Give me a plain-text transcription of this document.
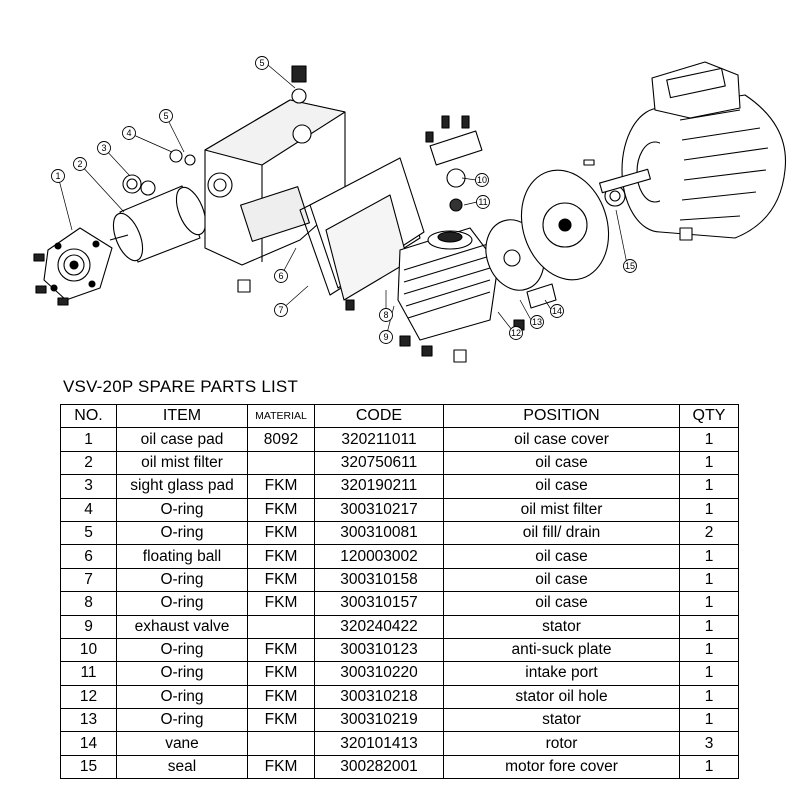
1
2
3
4
5
5
6
7	8
9
10
11
12
13
14
15
VSV-20P SPARE PARTS LIST
NO.	ITEM	MATERIAL	CODE	POSITION	QTY
1	oil case pad	8092	320211011	oil case cover	1
2	oil mist filter		320750611	oil case	1
3	sight glass pad	FKM	320190211	oil case	1
4	O-ring	FKM	300310217	oil mist filter	1
5	O-ring	FKM	300310081	oil fill/ drain	2
6	floating ball	FKM	120003002	oil case	1
7	O-ring	FKM	300310158	oil case	1
8	O-ring	FKM	300310157	oil case	1
9	exhaust valve		320240422	stator	1
10	O-ring	FKM	300310123	anti-suck plate	1
11	O-ring	FKM	300310220	intake port	1
12	O-ring	FKM	300310218	stator oil hole	1
13	O-ring	FKM	300310219	stator	1
14	vane		320101413	rotor	3
15	seal	FKM	300282001	motor fore cover	1
